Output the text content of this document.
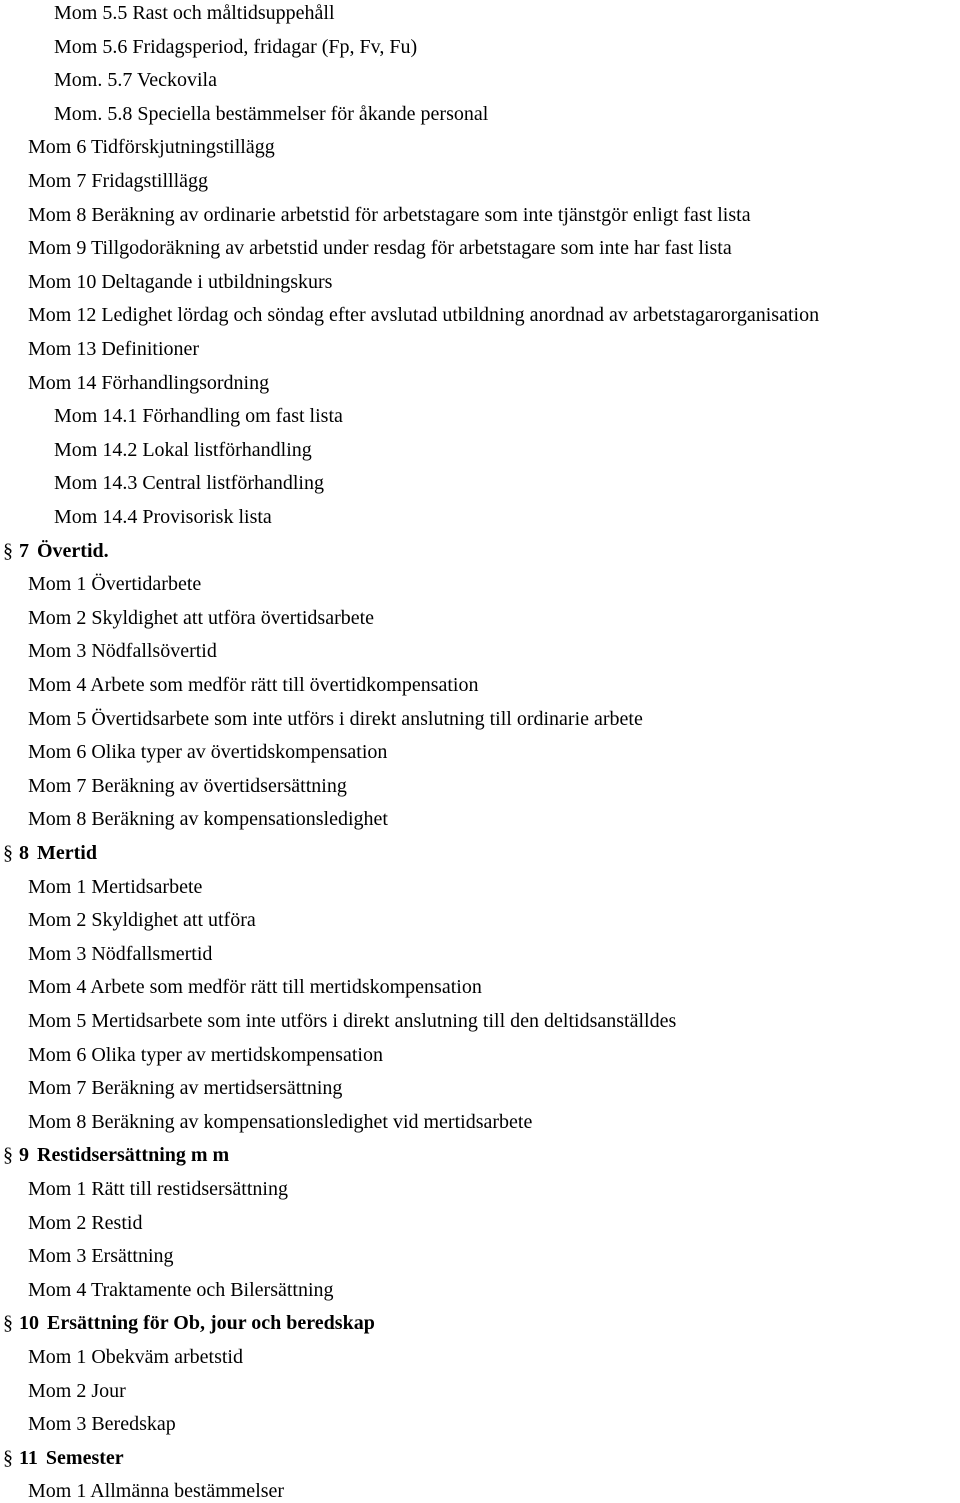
Mom 5.5 Rast och måltidsuppehåll
Mom 5.6 Fridagsperiod, fridagar (Fp, Fv, Fu)
Mom. 5.7 Veckovila
Mom. 5.8 Speciella bestämmelser för åkande personal
Mom 6 Tidförskjutningstillägg
Mom 7 Fridagstilllägg
Mom 8 Beräkning av ordinarie arbetstid för arbetstagare som inte tjänstgör enligt fast lista
Mom 9 Tillgodoräkning av arbetstid under resdag för arbetstagare som inte har fast lista
Mom 10 Deltagande i utbildningskurs
Mom 12 Ledighet lördag och söndag efter avslutad utbildning anordnad av arbetstagarorganisation
Mom 13 Definitioner
Mom 14 Förhandlingsordning
Mom 14.1 Förhandling om fast lista
Mom 14.2 Lokal listförhandling
Mom 14.3 Central listförhandling
Mom 14.4 Provisorisk lista
§ 7 Övertid.
Mom 1 Övertidarbete
Mom 2 Skyldighet att utföra övertidsarbete
Mom 3 Nödfallsövertid
Mom 4 Arbete som medför rätt till övertidkompensation
Mom 5 Övertidsarbete som inte utförs i direkt anslutning till ordinarie arbete
Mom 6 Olika typer av övertidskompensation
Mom 7 Beräkning av övertidsersättning
Mom 8 Beräkning av kompensationsledighet
§ 8 Mertid
Mom 1 Mertidsarbete
Mom 2 Skyldighet att utföra
Mom 3 Nödfallsmertid
Mom 4 Arbete som medför rätt till mertidskompensation
Mom 5 Mertidsarbete som inte utförs i direkt anslutning till den deltidsanställdes
Mom 6 Olika typer av mertidskompensation
Mom 7 Beräkning av mertidsersättning
Mom 8 Beräkning av kompensationsledighet vid mertidsarbete
§ 9 Restidsersättning m m
Mom 1 Rätt till restidsersättning
Mom 2 Restid
Mom 3 Ersättning
Mom 4 Traktamente och Bilersättning
§ 10 Ersättning för Ob, jour och beredskap
Mom 1 Obekväm arbetstid
Mom 2 Jour
Mom 3 Beredskap
§ 11 Semester
Mom 1 Allmänna bestämmelser
